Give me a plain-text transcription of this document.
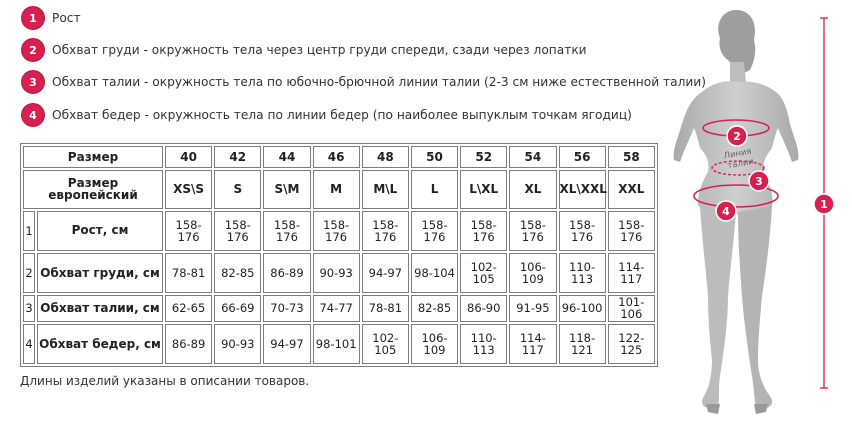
1	Рост
2	Обхват груди - окружность тела через центр груди спереди, сзади через лопатки
3	Обхват талии - окружность тела по юбочно-брючной линии талии (2-3 см ниже естественной талии)
4	Обхват бедер - окружность тела по линии бедер (по наиболее выпуклым точкам ягодиц)
Размер		40	42	44	46	48	50	52	54	56	58
Размер европейский		XS\S	S	S\M	M	M\L	L	L\XL	XL	XL\XXL	XXL
1	Рост, см	158-176	158-176	158-176	158-176	158-176	158-176	158-176	158-176	158-176	158-176
2	Обхват груди, см	78-81	82-85	86-89	90-93	94-97	98-104	102-105	106-109	110-113	114-117
3	Обхват талии, см	62-65	66-69	70-73	74-77	78-81	82-85	86-90	91-95	96-100	101-106
4	Обхват бедер, см	86-89	90-93	94-97	98-101	102-105	106-109	110-113	114-117	118-121	122-125
Длины изделий указаны в описании товаров.
Линия
талии
1
2
3
4
